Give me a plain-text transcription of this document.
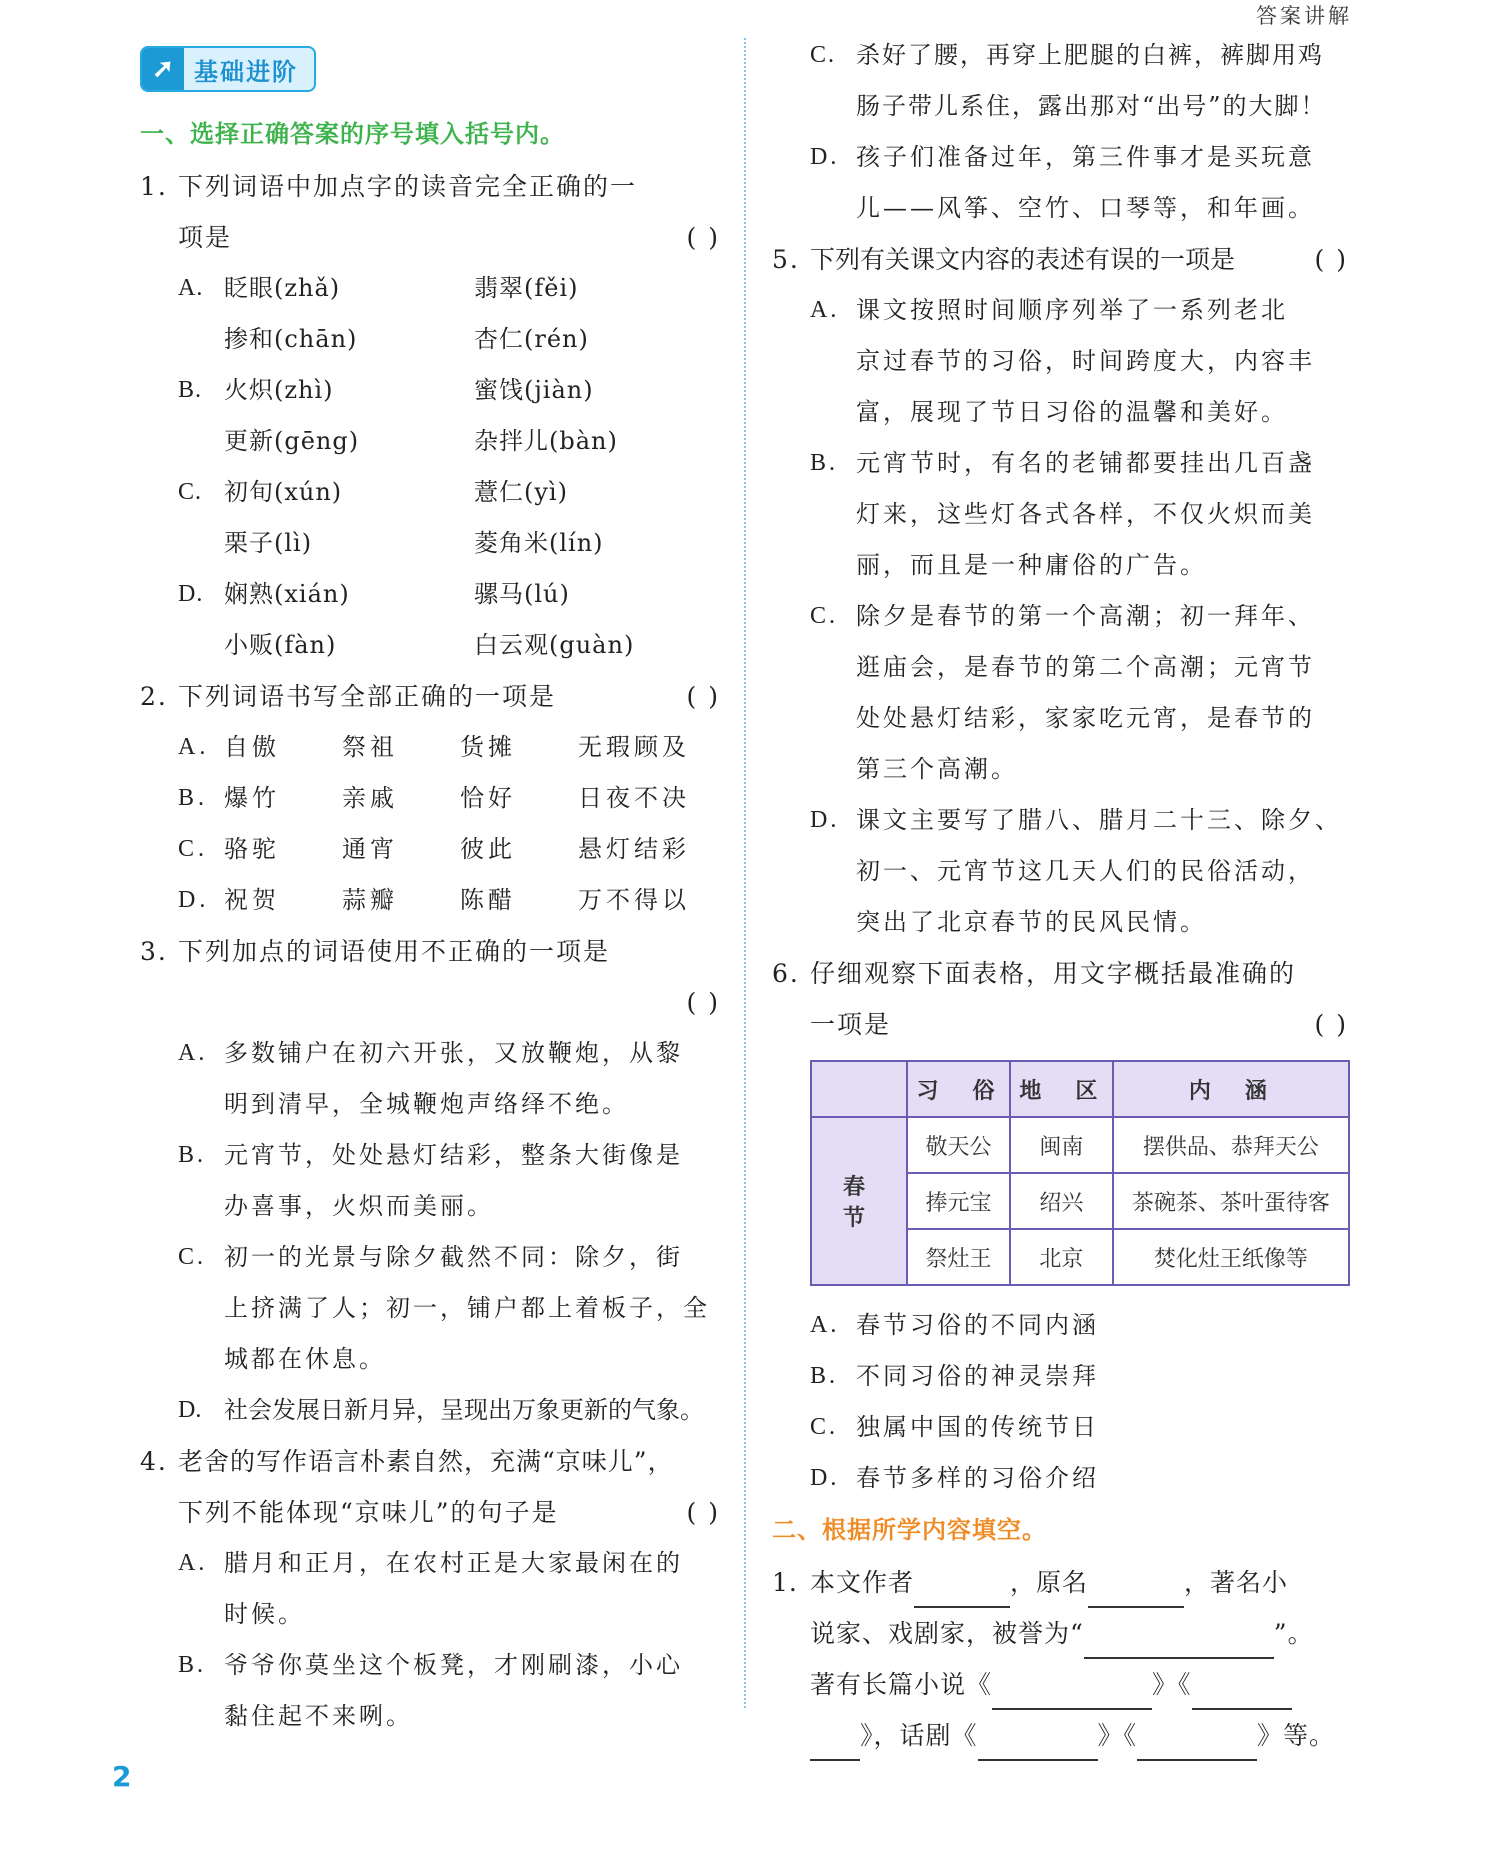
答案讲解
➚ 基础进阶
一、选择正确答案的序号填入括号内。
1. 下列词语中加点字的读音完全正确的一
项是	( )
A. 眨眼(zhǎ)	翡翠(fěi)
掺和(chān)	杏仁(rén)
B. 火炽(zhì)	蜜饯(jiàn)
更新(gēng)	杂拌儿(bàn)
C. 初旬(xún)	薏仁(yì)
栗子(lì)	菱角米(lín)
D. 娴熟(xián)	骡马(lú)
小贩(fàn)	白云观(guàn)
2. 下列词语书写全部正确的一项是	( )
A. 自傲	祭祖	货摊	无瑕顾及
B. 爆竹	亲戚	恰好	日夜不决
C. 骆驼	通宵	彼此	悬灯结彩
D. 祝贺	蒜瓣	陈醋	万不得以
3. 下列加点的词语使用不正确的一项是
( )
A. 多数铺户在初六开张，又放鞭炮，从黎
明到清早，全城鞭炮声络绎不绝。
B. 元宵节，处处悬灯结彩，整条大街像是
办喜事，火炽而美丽。
C. 初一的光景与除夕截然不同：除夕，街
上挤满了人；初一，铺户都上着板子，全
城都在休息。
D. 社会发展日新月异，呈现出万象更新的气象。
4. 老舍的写作语言朴素自然，充满“京味儿”，
下列不能体现“京味儿”的句子是	( )
A. 腊月和正月，在农村正是大家最闲在的
时候。
B. 爷爷你莫坐这个板凳，才刚刷漆，小心
黏住起不来咧。
C. 杀好了腰，再穿上肥腿的白裤，裤脚用鸡
肠子带儿系住，露出那对“出号”的大脚！
D. 孩子们准备过年，第三件事才是买玩意
儿——风筝、空竹、口琴等，和年画。
5. 下列有关课文内容的表述有误的一项是	( )
A. 课文按照时间顺序列举了一系列老北
京过春节的习俗，时间跨度大，内容丰
富，展现了节日习俗的温馨和美好。
B. 元宵节时，有名的老铺都要挂出几百盏
灯来，这些灯各式各样，不仅火炽而美
丽，而且是一种庸俗的广告。
C. 除夕是春节的第一个高潮；初一拜年、
逛庙会，是春节的第二个高潮；元宵节
处处悬灯结彩，家家吃元宵，是春节的
第三个高潮。
D. 课文主要写了腊八、腊月二十三、除夕、
初一、元宵节这几天人们的民俗活动，
突出了北京春节的民风民情。
6. 仔细观察下面表格，用文字概括最准确的
一项是	( )
	习　俗	地　区	内　涵
春　节	敬天公	闽南	摆供品、恭拜天公
	捧元宝	绍兴	茶碗茶、茶叶蛋待客
	祭灶王	北京	焚化灶王纸像等
A. 春节习俗的不同内涵
B. 不同习俗的神灵崇拜
C. 独属中国的传统节日
D. 春节多样的习俗介绍
二、根据所学内容填空。
1. 本文作者	，原名	，著名小
说家、戏剧家，被誉为“	”。
著有长篇小说《	》《
》，话剧《	》《	》等。
2
